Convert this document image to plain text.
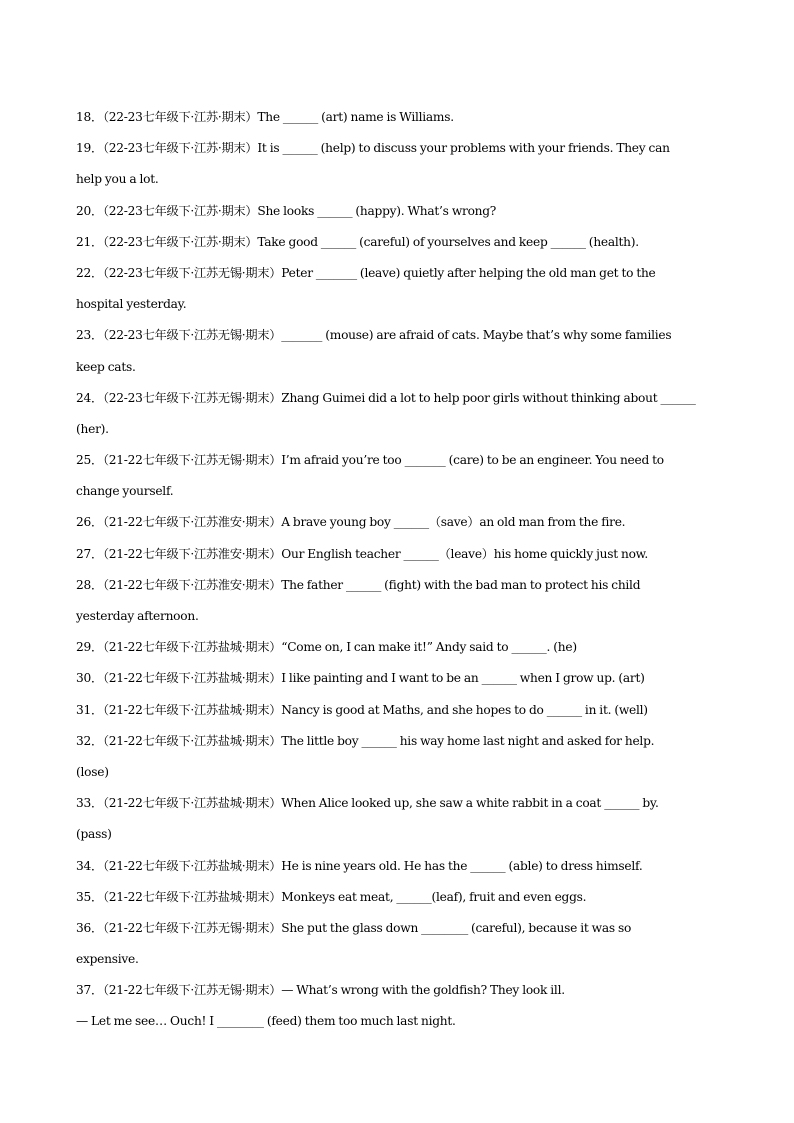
18．（22-23七年级下·江苏·期末）The ______ (art) name is Williams.
19．（22-23七年级下·江苏·期末）It is ______ (help) to discuss your problems with your friends. They can
help you a lot.
20．（22-23七年级下·江苏·期末）She looks ______ (happy). What’s wrong?
21．（22-23七年级下·江苏·期末）Take good ______ (careful) of yourselves and keep ______ (health).
22．（22-23七年级下·江苏无锡·期末）Peter _______ (leave) quietly after helping the old man get to the
hospital yesterday.
23．（22-23七年级下·江苏无锡·期末）_______ (mouse) are afraid of cats. Maybe that’s why some families
keep cats.
24．（22-23七年级下·江苏无锡·期末）Zhang Guimei did a lot to help poor girls without thinking about ______
(her).
25．（21-22七年级下·江苏无锡·期末）I’m afraid you’re too _______ (care) to be an engineer. You need to
change yourself.
26．（21-22七年级下·江苏淮安·期末）A brave young boy ______（save）an old man from the fire.
27．（21-22七年级下·江苏淮安·期末）Our English teacher ______（leave）his home quickly just now.
28．（21-22七年级下·江苏淮安·期末）The father ______ (fight) with the bad man to protect his child
yesterday afternoon.
29．（21-22七年级下·江苏盐城·期末）“Come on, I can make it!” Andy said to ______. (he)
30．（21-22七年级下·江苏盐城·期末）I like painting and I want to be an ______ when I grow up. (art)
31．（21-22七年级下·江苏盐城·期末）Nancy is good at Maths, and she hopes to do ______ in it. (well)
32．（21-22七年级下·江苏盐城·期末）The little boy ______ his way home last night and asked for help.
(lose)
33．（21-22七年级下·江苏盐城·期末）When Alice looked up, she saw a white rabbit in a coat ______ by.
(pass)
34．（21-22七年级下·江苏盐城·期末）He is nine years old. He has the ______ (able) to dress himself.
35．（21-22七年级下·江苏盐城·期末）Monkeys eat meat, ______(leaf), fruit and even eggs.
36．（21-22七年级下·江苏无锡·期末）She put the glass down ________ (careful), because it was so
expensive.
37．（21-22七年级下·江苏无锡·期末）— What’s wrong with the goldfish? They look ill.
— Let me see… Ouch! I ________ (feed) them too much last night.
